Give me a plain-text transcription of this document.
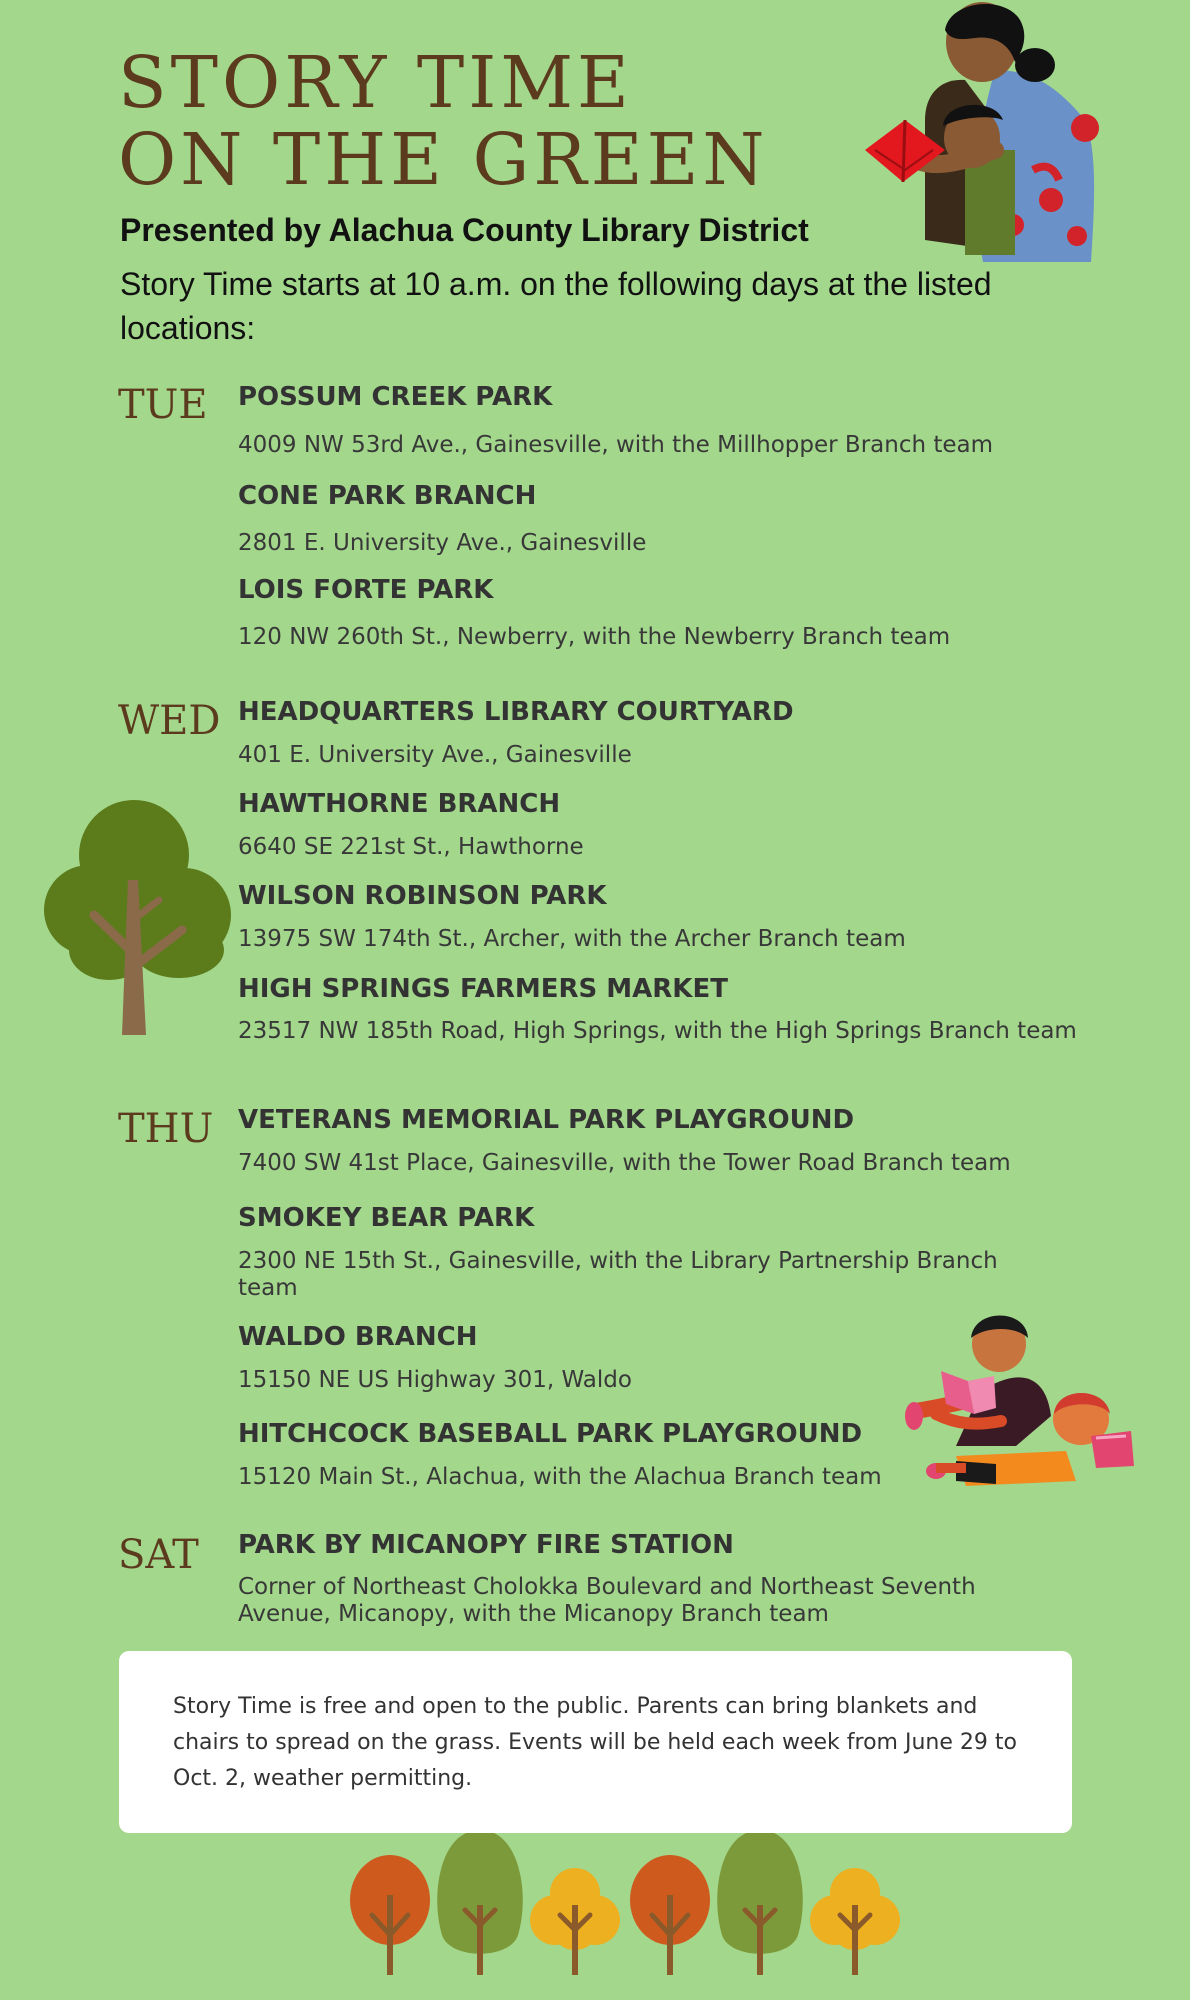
STORY TIME
ON THE GREEN
Presented by Alachua County Library District
Story Time starts at 10 a.m. on the following days at the listed locations:
TUE
WED
THU
SAT
POSSUM CREEK PARK
4009 NW 53rd Ave., Gainesville, with the Millhopper Branch team
CONE PARK BRANCH
2801 E. University Ave., Gainesville
LOIS FORTE PARK
120 NW 260th St., Newberry, with the Newberry Branch team
HEADQUARTERS LIBRARY COURTYARD
401 E. University Ave., Gainesville
HAWTHORNE BRANCH
6640 SE 221st St., Hawthorne
WILSON ROBINSON PARK
13975 SW 174th St., Archer, with the Archer Branch team
HIGH SPRINGS FARMERS MARKET
23517 NW 185th Road, High Springs, with the High Springs Branch team
VETERANS MEMORIAL PARK PLAYGROUND
7400 SW 41st Place, Gainesville, with the Tower Road Branch team
SMOKEY BEAR PARK
2300 NE 15th St., Gainesville, with the Library Partnership Branch team
WALDO BRANCH
15150 NE US Highway 301, Waldo
HITCHCOCK BASEBALL PARK PLAYGROUND
15120 Main St., Alachua, with the Alachua Branch team
PARK BY MICANOPY FIRE STATION
Corner of Northeast Cholokka Boulevard and Northeast Seventh Avenue, Micanopy, with the Micanopy Branch team

Story Time is free and open to the public. Parents can bring blankets and chairs to spread on the grass. Events will be held each week from June 29 to Oct. 2, weather permitting.
